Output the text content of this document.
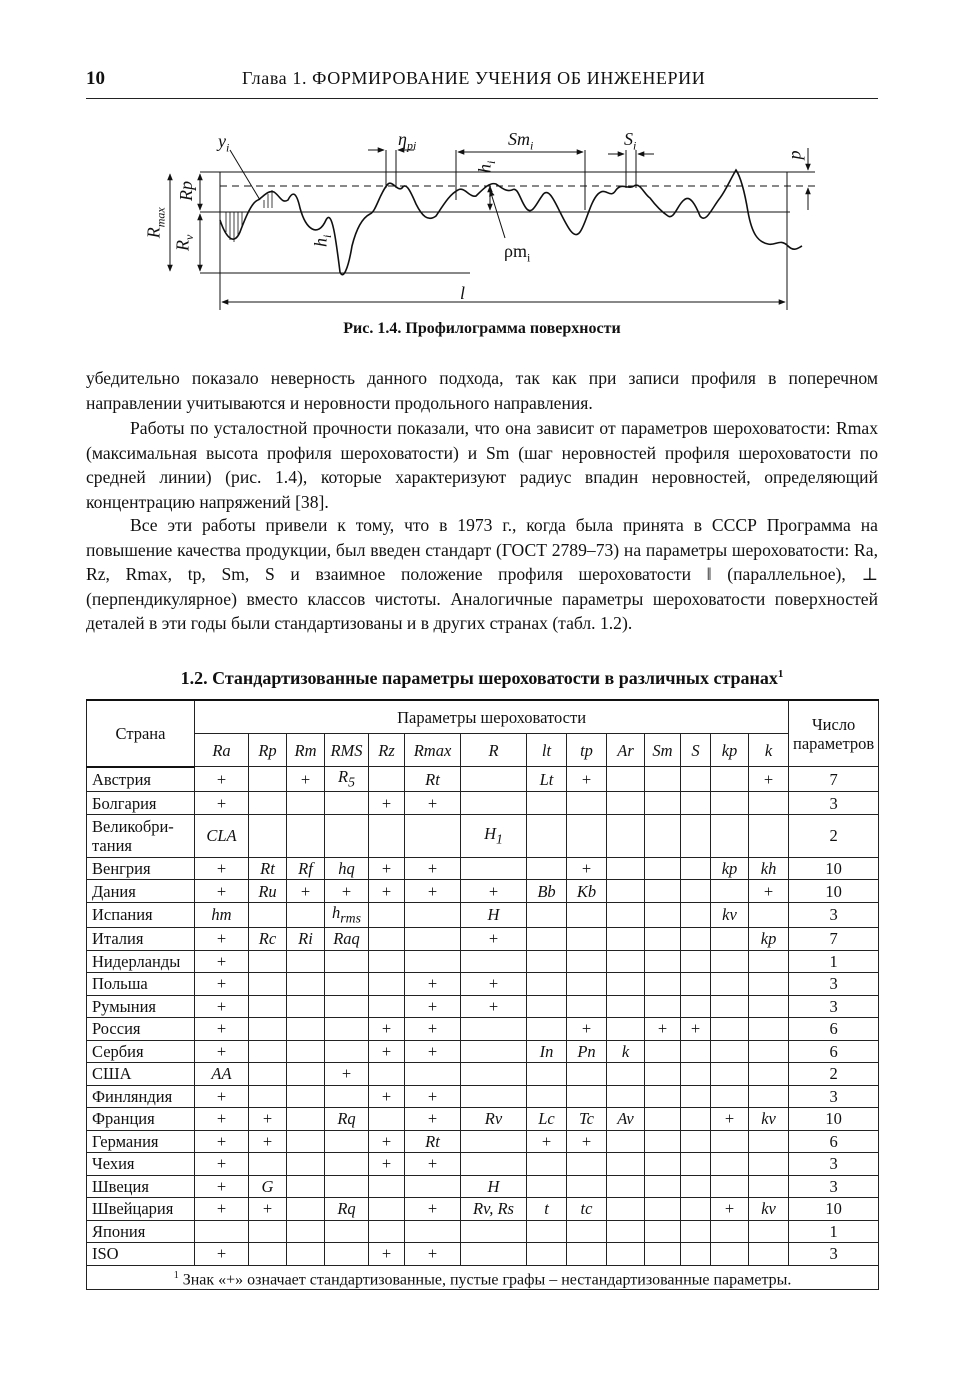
10	Глава 1. ФОРМИРОВАНИЕ УЧЕНИЯ ОБ ИНЖЕНЕРИИ
$y_i$	$\eta_{pi}$	$Sm_i$	$S_i$
p
$R_{max}$
Rp
$R_v$
$h_i$
$h_i$
$\rho m_i$
l
Рис. 1.4. Профилограмма поверхности
убедительно показало неверность данного подхода, так как при записи профиля в поперечном направлении учитываются и неровности продольного направления.
Работы по усталостной прочности показали, что она зависит от параметров шероховатости: Rmax (максимальная высота профиля шероховатости) и Sm (шаг неровностей профиля шероховатости по средней линии) (рис. 1.4), которые характеризуют радиус впадин неровностей, определяющий концентрацию напряжений [38].
Все эти работы привели к тому, что в 1973 г., когда была принята в СССР Программа на повышение качества продукции, был введен стандарт (ГОСТ 2789–73) на параметры шероховатости: Ra, Rz, Rmax, tp, Sm, S и взаимное положение профиля шероховатости ‖ (параллельное), ⊥ (перпендикулярное) вместо классов чистоты. Аналогичные параметры шероховатости поверхностей деталей в эти годы были стандартизованы и в других странах (табл. 1.2).
1.2. Стандартизованные параметры шероховатости в различных странах$^1$
Страна	Параметры шероховатости														Число параметров
	Ra	Rp	Rm	RMS	Rz	Rmax	R	lt	tp	Ar	Sm	S	kp	k	
Австрия	+		+	$R_5$		Rt		Lt	+					+	7
Болгария	+				+	+									3
Великобри-
тания	CLA						$H_1$								2
Венгрия	+	Rt	Rf	hq	+	+			+				kp	kh	10
Дания	+	Ru	+	+	+	+	+	Bb	Kb					+	10
Испания	hm			$h_{rms}$			H						kv		3
Италия	+	Rc	Ri	Raq			+							kp	7
Нидерланды	+														1
Польша	+					+	+								3
Румыния	+					+	+								3
Россия	+				+	+			+		+	+			6
Сербия	+				+	+		In	Pn	k					6
США	AA			+											2
Финляндия	+				+	+									3
Франция	+	+		Rq		+	Rv	Lc	Tc	Av			+	kv	10
Германия	+	+			+	Rt		+	+						6
Чехия	+				+	+									3
Швеция	+	G					H								3
Швейцария	+	+		Rq		+	Rv, Rs	t	tc				+	kv	10
Япония															1
ISO	+				+	+									3
$^1$ Знак «+» означает стандартизованные, пустые графы – нестандартизованные параметры.															
